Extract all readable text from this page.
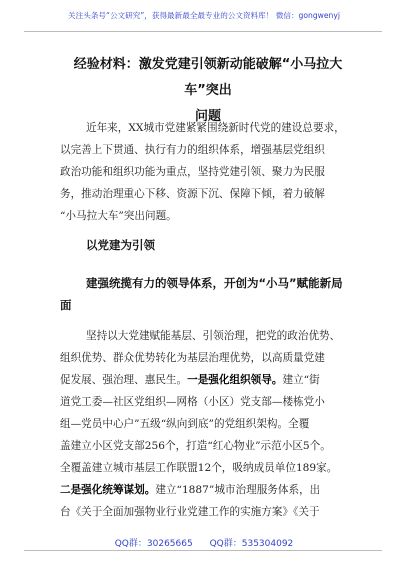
关注头条号“公文研究”，获得最新最全最专业的公文资料库！ 微信：gongwenyj
经验材料：激发党建引领新动能破解“小马拉大车”突出
问题
近年来，XX城市党建紧紧围绕新时代党的建设总要求，
以完善上下贯通、执行有力的组织体系，增强基层党组织
政治功能和组织功能为重点，坚持党建引领、聚力为民服
务，推动治理重心下移、资源下沉、保障下倾，着力破解
“小马拉大车”突出问题。
以党建为引领
建强统揽有力的领导体系，开创为“小马”赋能新局
面
坚持以大党建赋能基层、引领治理，把党的政治优势、
组织优势、群众优势转化为基层治理优势，以高质量党建
促发展、强治理、惠民生。一是强化组织领导。建立“街
道党工委—社区党组织—网格（小区）党支部—楼栋党小
组—党员中心户”五级“纵向到底”的党组织架构。全覆
盖建立小区党支部256个，打造“红心物业”示范小区5个。
全覆盖建立城市基层工作联盟12个，吸纳成员单位189家。
二是强化统筹谋划。建立“1887”城市治理服务体系，出
台《关于全面加强物业行业党建工作的实施方案》《关于
QQ群：30265665 QQ群：535304092
